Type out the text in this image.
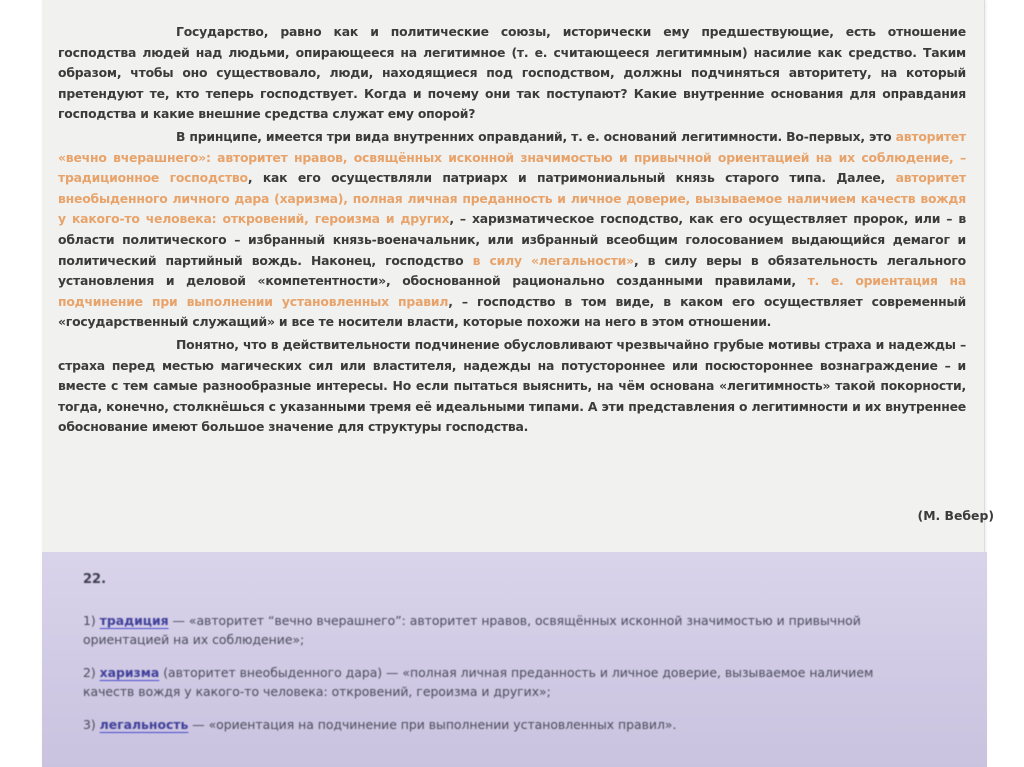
Государство, равно как и политические союзы, исторически ему предшествующие, есть отношение господства людей над людьми, опирающееся на легитимное (т. е. считающееся легитимным) насилие как средство. Таким образом, чтобы оно существовало, люди, находящиеся под господством, должны подчиняться авторитету, на который претендуют те, кто теперь господствует. Когда и почему они так поступают? Какие внутренние основания для оправдания господства и какие внешние средства служат ему опорой?

В принципе, имеется три вида внутренних оправданий, т. е. оснований легитимности. Во-первых, это авторитет «вечно вчерашнего»: авторитет нравов, освящённых исконной значимостью и привычной ориентацией на их соблюдение, – традиционное господство, как его осуществляли патриарх и патримониальный князь старого типа. Далее, авторитет внеобыденного личного дара (харизма), полная личная преданность и личное доверие, вызываемое наличием качеств вождя у какого-то человека: откровений, героизма и других, – харизматическое господство, как его осуществляет пророк, или – в области политического – избранный князь-военачальник, или избранный всеобщим голосованием выдающийся демагог и политический партийный вождь. Наконец, господство в силу «легальности», в силу веры в обязательность легального установления и деловой «компетентности», обоснованной рационально созданными правилами, т. е. ориентация на подчинение при выполнении установленных правил, – господство в том виде, в каком его осуществляет современный «государственный служащий» и все те носители власти, которые похожи на него в этом отношении.

Понятно, что в действительности подчинение обусловливают чрезвычайно грубые мотивы страха и надежды – страха перед местью магических сил или властителя, надежды на потустороннее или посюстороннее вознаграждение – и вместе с тем самые разнообразные интересы. Но если пытаться выяснить, на чём основана «легитимность» такой покорности, тогда, конечно, столкнёшься с указанными тремя её идеальными типами. А эти представления о легитимности и их внутреннее обоснование имеют большое значение для структуры господства.

(М. Вебер)
22.
1) традиция — «авторитет “вечно вчерашнего”: авторитет нравов, освящённых исконной значимостью и привычной ориентацией на их соблюдение»;
2) харизма (авторитет внеобыденного дара) — «полная личная преданность и личное доверие, вызываемое наличием качеств вождя у какого-то человека: откровений, героизма и других»;
3) легальность — «ориентация на подчинение при выполнении установленных правил».
